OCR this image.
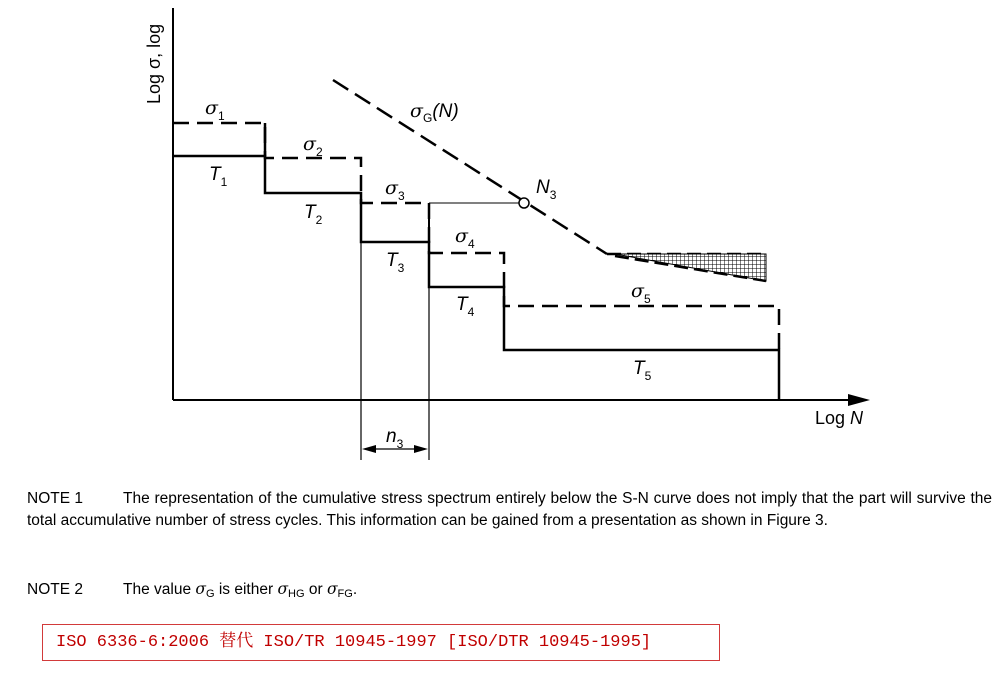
Log σ, log
Log N
$\sigma_G(N)$
$N_3$
$n_3$
$\sigma_1$
$\sigma_2$
$\sigma_3$
$\sigma_4$
$\sigma_5$
$T_1$
$T_2$
$T_3$
$T_4$
$T_5$
NOTE 1	The representation of the cumulative stress spectrum entirely below the S-N curve does not imply that the part will survive the total accumulative number of stress cycles. This information can be gained from a presentation as shown in Figure 3.
NOTE 2	The value $\sigma_G$ is either $\sigma_{HG}$ or $\sigma_{FG}$.
ISO 6336-6:2006 替代 ISO/TR 10945-1997 [ISO/DTR 10945-1995]
